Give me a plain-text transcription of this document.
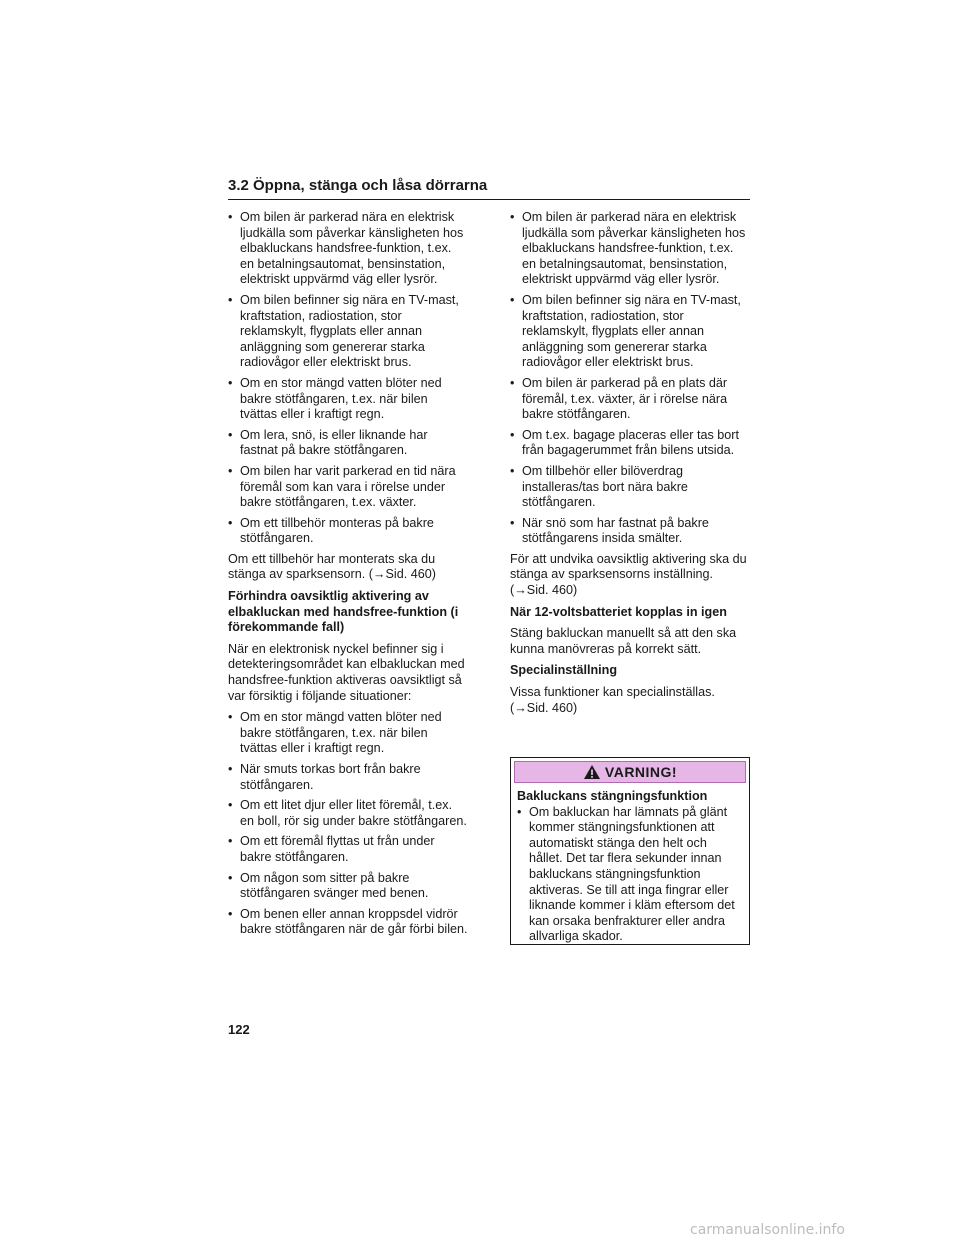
3.2 Öppna, stänga och låsa dörrarna
• Om bilen är parkerad nära en elektrisk ljudkälla som påverkar känsligheten hos elbakluckans handsfree-funktion, t.ex. en betalningsautomat, bensinstation, elektriskt uppvärmd väg eller lysrör.
• Om bilen befinner sig nära en TV-mast, kraftstation, radiostation, stor reklamskylt, flygplats eller annan anläggning som genererar starka radiovågor eller elektriskt brus.
• Om en stor mängd vatten blöter ned bakre stötfångaren, t.ex. när bilen tvättas eller i kraftigt regn.
• Om lera, snö, is eller liknande har fastnat på bakre stötfångaren.
• Om bilen har varit parkerad en tid nära föremål som kan vara i rörelse under bakre stötfångaren, t.ex. växter.
• Om ett tillbehör monteras på bakre stötfångaren.

Om ett tillbehör har monterats ska du stänga av sparksensorn. (→Sid. 460)

Förhindra oavsiktlig aktivering av elbakluckan med handsfree-funktion (i förekommande fall)

När en elektronisk nyckel befinner sig i detekteringsområdet kan elbakluckan med handsfree-funktion aktiveras oavsiktligt så var försiktig i följande situationer:

• Om en stor mängd vatten blöter ned bakre stötfångaren, t.ex. när bilen tvättas eller i kraftigt regn.
• När smuts torkas bort från bakre stötfångaren.
• Om ett litet djur eller litet föremål, t.ex. en boll, rör sig under bakre stötfångaren.
• Om ett föremål flyttas ut från under bakre stötfångaren.
• Om någon som sitter på bakre stötfångaren svänger med benen.
• Om benen eller annan kroppsdel vidrör bakre stötfångaren när de går förbi bilen.
• Om bilen är parkerad nära en elektrisk ljudkälla som påverkar känsligheten hos elbakluckans handsfree-funktion, t.ex. en betalningsautomat, bensinstation, elektriskt uppvärmd väg eller lysrör.
• Om bilen befinner sig nära en TV-mast, kraftstation, radiostation, stor reklamskylt, flygplats eller annan anläggning som genererar starka radiovågor eller elektriskt brus.
• Om bilen är parkerad på en plats där föremål, t.ex. växter, är i rörelse nära bakre stötfångaren.
• Om t.ex. bagage placeras eller tas bort från bagagerummet från bilens utsida.
• Om tillbehör eller bilöverdrag installeras/tas bort nära bakre stötfångaren.
• När snö som har fastnat på bakre stötfångarens insida smälter.

För att undvika oavsiktlig aktivering ska du stänga av sparksensorns inställning. (→Sid. 460)

När 12-voltsbatteriet kopplas in igen

Stäng bakluckan manuellt så att den ska kunna manövreras på korrekt sätt.

Specialinställning

Vissa funktioner kan specialinställas. (→Sid. 460)

VARNING!
Bakluckans stängningsfunktion
• Om bakluckan har lämnats på glänt kommer stängningsfunktionen att automatiskt stänga den helt och hållet. Det tar flera sekunder innan bakluckans stängningsfunktion aktiveras. Se till att inga fingrar eller liknande kommer i kläm eftersom det kan orsaka benfrakturer eller andra allvarliga skador.
122
carmanualsonline.info
